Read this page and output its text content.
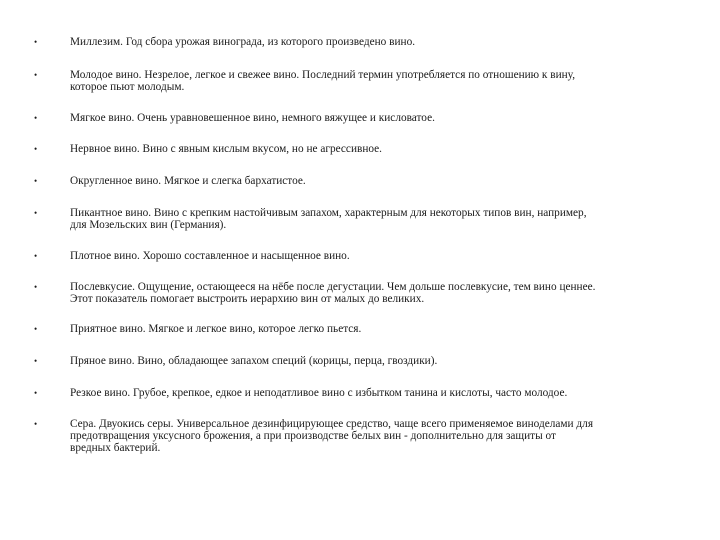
•	Миллезим. Год сбора урожая винограда, из которого произведено вино.
•	Молодое вино. Незрелое, легкое и свежее вино. Последний термин употребляется по отношению к вину,
которое пьют молодым.
•	Мягкое вино. Очень уравновешенное вино, немного вяжущее и кисловатое.
•	Нервное вино. Вино с явным кислым вкусом, но не агрессивное.
•	Округленное вино. Мягкое и слегка бархатистое.
•	Пикантное вино. Вино с крепким настойчивым запахом, характерным для некоторых типов вин, например,
для Мозельских вин (Германия).
•	Плотное вино. Хорошо составленное и насыщенное вино.
•	Послевкусие. Ощущение, остающееся на нёбе после дегустации. Чем дольше послевкусие, тем вино ценнее.
Этот показатель помогает выстроить иерархию вин от малых до великих.
•	Приятное вино. Мягкое и легкое вино, которое легко пьется.
•	Пряное вино. Вино, обладающее запахом специй (корицы, перца, гвоздики).
•	Резкое вино. Грубое, крепкое, едкое и неподатливое вино с избытком танина и кислоты, часто молодое.
•	Сера. Двуокись серы. Универсальное дезинфицирующее средство, чаще всего применяемое виноделами для
предотвращения уксусного брожения, а при производстве белых вин - дополнительно для защиты от
вредных бактерий.
